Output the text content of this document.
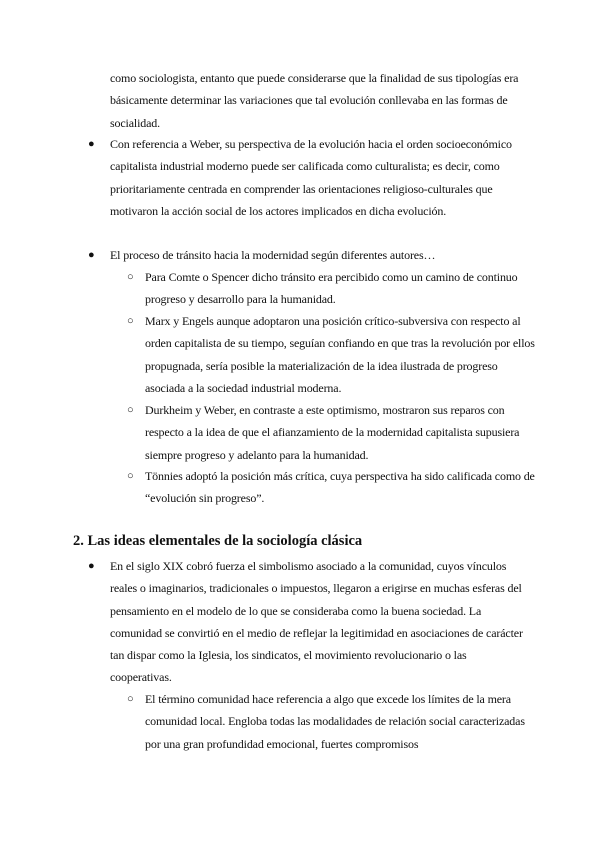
como sociologista, entanto que puede considerarse que la finalidad de sus tipologías era básicamente determinar las variaciones que tal evolución conllevaba en las formas de socialidad.

● Con referencia a Weber, su perspectiva de la evolución hacia el orden socioeconómico capitalista industrial moderno puede ser calificada como culturalista; es decir, como prioritariamente centrada en comprender las orientaciones religioso-culturales que motivaron la acción social de los actores implicados en dicha evolución.

● El proceso de tránsito hacia la modernidad según diferentes autores…

○ Para Comte o Spencer dicho tránsito era percibido como un camino de continuo progreso y desarrollo para la humanidad.

○ Marx y Engels aunque adoptaron una posición crítico-subversiva con respecto al orden capitalista de su tiempo, seguían confiando en que tras la revolución por ellos propugnada, sería posible la materialización de la idea ilustrada de progreso asociada a la sociedad industrial moderna.

○ Durkheim y Weber, en contraste a este optimismo, mostraron sus reparos con respecto a la idea de que el afianzamiento de la modernidad capitalista supusiera siempre progreso y adelanto para la humanidad.

○ Tönnies adoptó la posición más crítica, cuya perspectiva ha sido calificada como de “evolución sin progreso”.

2. Las ideas elementales de la sociología clásica
● En el siglo XIX cobró fuerza el simbolismo asociado a la comunidad, cuyos vínculos reales o imaginarios, tradicionales o impuestos, llegaron a erigirse en muchas esferas del pensamiento en el modelo de lo que se consideraba como la buena sociedad. La comunidad se convirtió en el medio de reflejar la legitimidad en asociaciones de carácter tan dispar como la Iglesia, los sindicatos, el movimiento revolucionario o las cooperativas.

○ El término comunidad hace referencia a algo que excede los límites de la mera comunidad local. Engloba todas las modalidades de relación social caracterizadas por una gran profundidad emocional, fuertes compromisos
